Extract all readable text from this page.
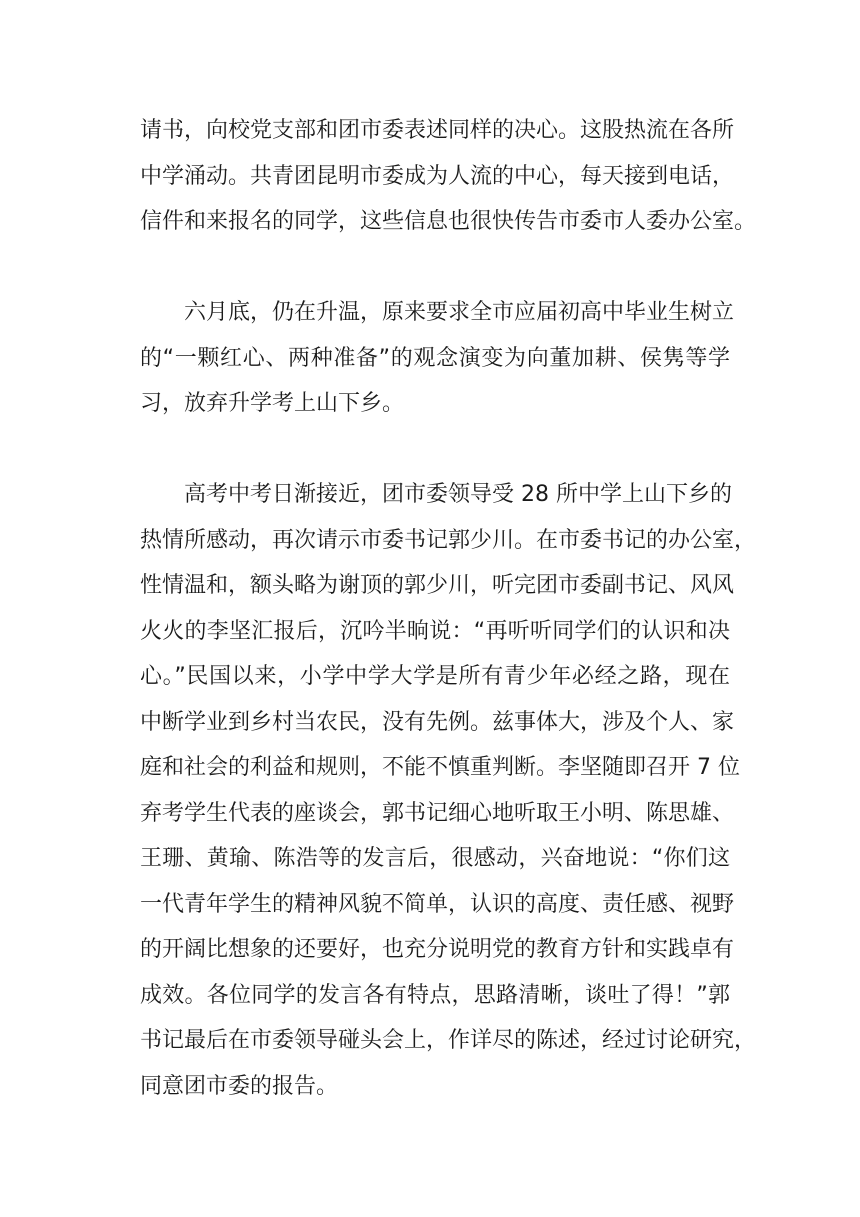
请书，向校党支部和团市委表述同样的决心。这股热流在各所
中学涌动。共青团昆明市委成为人流的中心，每天接到电话，
信件和来报名的同学，这些信息也很快传告市委市人委办公室。
六月底，仍在升温，原来要求全市应届初高中毕业生树立
的“一颗红心、两种准备”的观念演变为向董加耕、侯隽等学
习，放弃升学考上山下乡。
高考中考日渐接近，团市委领导受 28 所中学上山下乡的
热情所感动，再次请示市委书记郭少川。在市委书记的办公室，
性情温和，额头略为谢顶的郭少川，听完团市委副书记、风风
火火的李坚汇报后，沉吟半晌说：“再听听同学们的认识和决
心。”民国以来，小学中学大学是所有青少年必经之路，现在
中断学业到乡村当农民，没有先例。兹事体大，涉及个人、家
庭和社会的利益和规则，不能不慎重判断。李坚随即召开 7 位
弃考学生代表的座谈会，郭书记细心地听取王小明、陈思雄、
王珊、黄瑜、陈浩等的发言后，很感动，兴奋地说：“你们这
一代青年学生的精神风貌不简单，认识的高度、责任感、视野
的开阔比想象的还要好，也充分说明党的教育方针和实践卓有
成效。各位同学的发言各有特点，思路清晰，谈吐了得！”郭
书记最后在市委领导碰头会上，作详尽的陈述，经过讨论研究，
同意团市委的报告。
